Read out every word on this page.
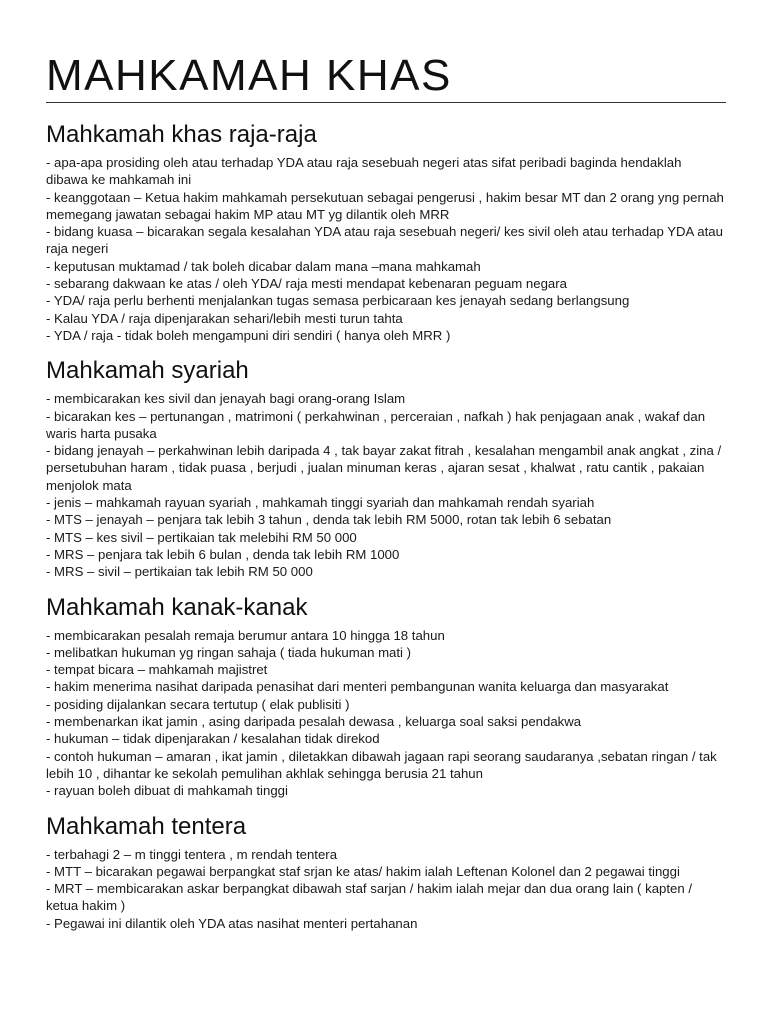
MAHKAMAH KHAS
Mahkamah khas raja-raja
- apa-apa prosiding oleh atau terhadap YDA atau raja sesebuah negeri atas sifat peribadi baginda hendaklah dibawa ke mahkamah ini
- keanggotaan – Ketua hakim mahkamah persekutuan sebagai pengerusi , hakim besar MT dan 2 orang yng pernah memegang jawatan sebagai hakim MP atau MT yg dilantik oleh MRR
- bidang kuasa – bicarakan segala kesalahan YDA atau raja sesebuah negeri/ kes sivil oleh atau terhadap YDA atau raja negeri
- keputusan muktamad / tak boleh dicabar dalam mana –mana mahkamah
- sebarang dakwaan ke atas / oleh YDA/ raja mesti mendapat kebenaran peguam negara
- YDA/ raja perlu berhenti menjalankan tugas semasa perbicaraan kes jenayah sedang berlangsung
- Kalau YDA / raja dipenjarakan sehari/lebih mesti turun tahta
- YDA / raja - tidak boleh mengampuni diri sendiri ( hanya oleh MRR )
Mahkamah syariah
- membicarakan kes sivil dan jenayah bagi orang-orang Islam
- bicarakan kes – pertunangan , matrimoni ( perkahwinan , perceraian , nafkah ) hak penjagaan anak , wakaf dan waris harta pusaka
- bidang jenayah – perkahwinan lebih daripada 4 , tak bayar zakat fitrah , kesalahan mengambil anak angkat , zina / persetubuhan haram , tidak puasa , berjudi , jualan minuman keras , ajaran sesat , khalwat , ratu cantik , pakaian menjolok mata
- jenis – mahkamah rayuan syariah , mahkamah tinggi syariah dan mahkamah rendah syariah
- MTS – jenayah – penjara tak lebih 3 tahun , denda tak lebih RM 5000, rotan tak lebih 6 sebatan
- MTS – kes sivil – pertikaian tak melebihi RM 50 000
- MRS – penjara tak lebih 6 bulan , denda tak lebih RM 1000
- MRS – sivil – pertikaian tak lebih RM 50 000
Mahkamah kanak-kanak
- membicarakan pesalah remaja berumur antara 10 hingga 18 tahun
- melibatkan hukuman yg ringan sahaja ( tiada hukuman mati )
- tempat bicara – mahkamah majistret
- hakim menerima nasihat daripada penasihat dari menteri pembangunan wanita keluarga dan masyarakat
- posiding dijalankan secara tertutup ( elak publisiti )
- membenarkan ikat jamin , asing daripada pesalah dewasa , keluarga soal saksi pendakwa
- hukuman – tidak dipenjarakan / kesalahan tidak direkod
- contoh hukuman – amaran , ikat jamin , diletakkan dibawah jagaan rapi seorang saudaranya ,sebatan ringan / tak lebih 10 , dihantar ke sekolah pemulihan akhlak sehingga berusia 21 tahun
- rayuan boleh dibuat di mahkamah tinggi
Mahkamah tentera
- terbahagi 2 – m tinggi tentera , m rendah tentera
- MTT – bicarakan pegawai berpangkat staf srjan ke atas/ hakim ialah Leftenan Kolonel dan 2 pegawai tinggi
- MRT – membicarakan askar berpangkat dibawah staf sarjan / hakim ialah mejar dan dua orang lain ( kapten / ketua hakim )
- Pegawai ini dilantik oleh YDA atas nasihat menteri pertahanan
